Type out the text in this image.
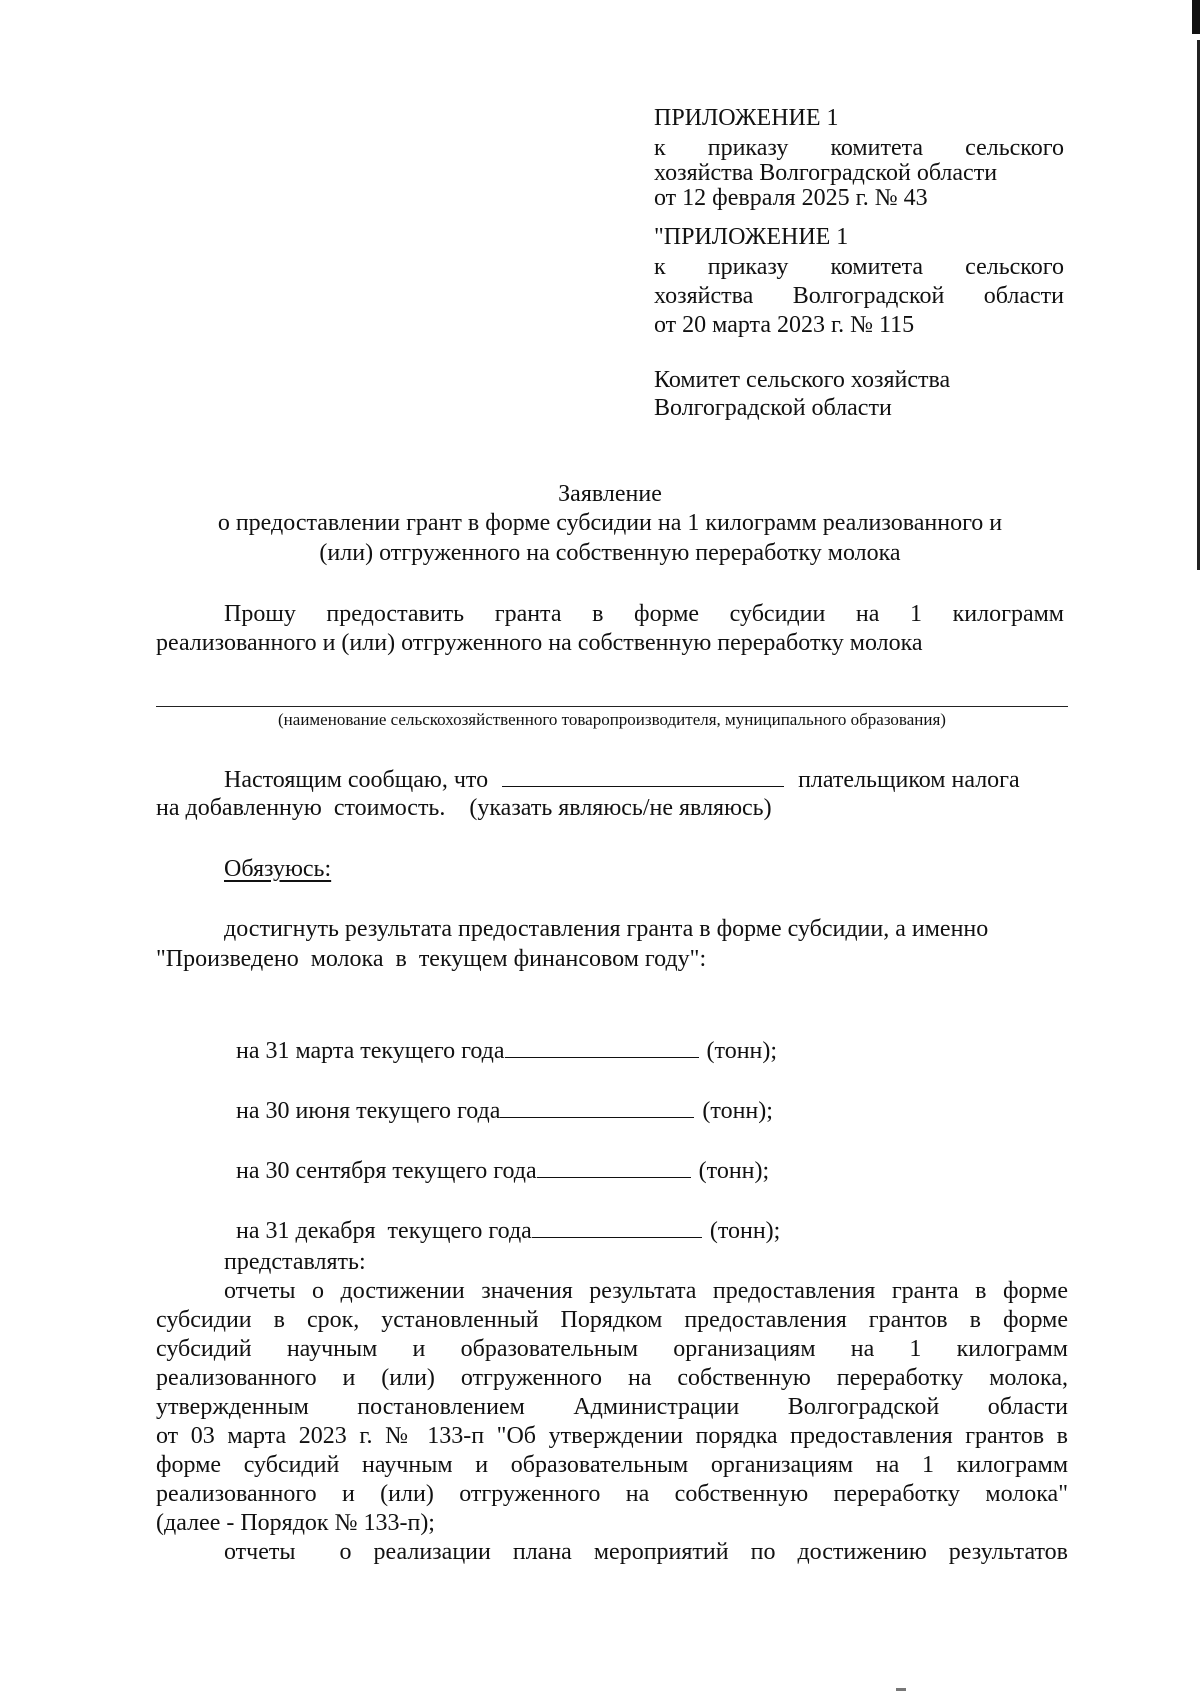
ПРИЛОЖЕНИЕ 1
к приказу комитета сельского
хозяйства Волгоградской области
от 12 февраля 2025 г. № 43
"ПРИЛОЖЕНИЕ 1
к приказу комитета сельского
хозяйства Волгоградской области
от 20 марта 2023 г. № 115
Комитет сельского хозяйства
Волгоградской области
Заявление
о предоставлении грант в форме субсидии на 1 килограмм реализованного и
(или) отгруженного на собственную переработку молока
Прошу предоставить гранта в форме субсидии на 1 килограмм
реализованного и (или) отгруженного на собственную переработку молока
(наименование сельскохозяйственного товаропроизводителя, муниципального образования)
Настоящим сообщаю, что	плательщиком налога
на добавленную  стоимость.    (указать являюсь/не являюсь)
Обязуюсь:
достигнуть результата предоставления гранта в форме субсидии, а именно
"Произведено  молока  в  текущем финансовом году":

на 31 марта текущего года	(тонн);

на 30 июня текущего года	(тонн);

на 30 сентября текущего года	(тонн);

на 31 декабря  текущего года	(тонн);

представлять:
отчеты о достижении значения результата предоставления гранта в форме
субсидии в срок, установленный Порядком предоставления грантов в форме
субсидий научным и образовательным организациям на 1 килограмм
реализованного и (или) отгруженного на собственную переработку молока,
утвержденным постановлением Администрации Волгоградской области
от 03 марта 2023 г. № 133-п "Об утверждении порядка предоставления грантов в
форме субсидий научным и образовательным организациям на 1 килограмм
реализованного и (или) отгруженного на собственную переработку молока"
(далее - Порядок № 133-п);
отчеты  о реализации плана мероприятий по достижению результатов
